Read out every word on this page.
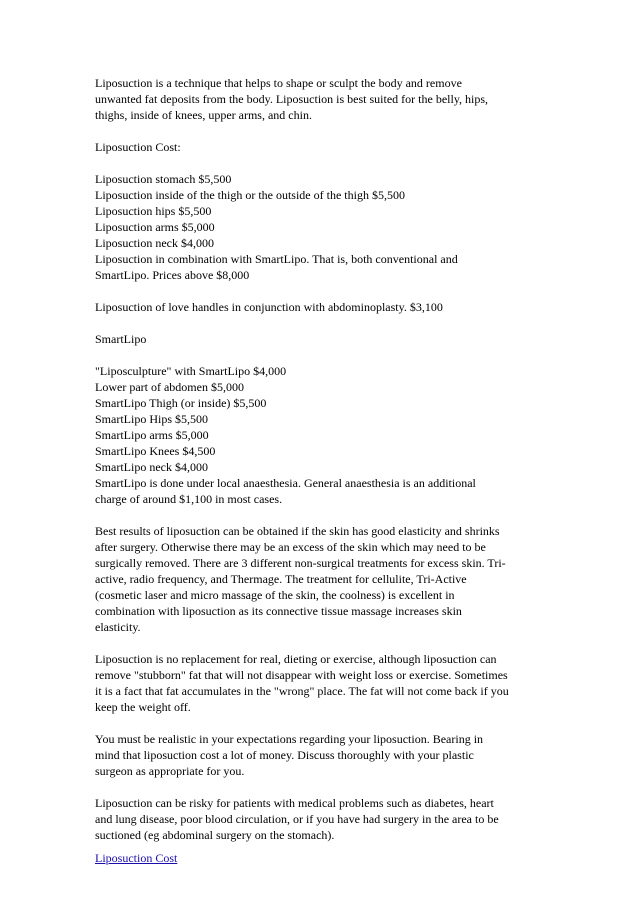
Liposuction is a technique that helps to shape or sculpt the body and remove
unwanted fat deposits from the body. Liposuction is best suited for the belly, hips,
thighs, inside of knees, upper arms, and chin.

Liposuction Cost:

Liposuction stomach $5,500
Liposuction inside of the thigh or the outside of the thigh $5,500
Liposuction hips $5,500
Liposuction arms $5,000
Liposuction neck $4,000
Liposuction in combination with SmartLipo. That is, both conventional and
SmartLipo. Prices above $8,000

Liposuction of love handles in conjunction with abdominoplasty. $3,100

SmartLipo

"Liposculpture" with SmartLipo $4,000
Lower part of abdomen $5,000
SmartLipo Thigh (or inside) $5,500
SmartLipo Hips $5,500
SmartLipo arms $5,000
SmartLipo Knees $4,500
SmartLipo neck $4,000
SmartLipo is done under local anaesthesia. General anaesthesia is an additional
charge of around $1,100 in most cases.

Best results of liposuction can be obtained if the skin has good elasticity and shrinks
after surgery. Otherwise there may be an excess of the skin which may need to be
surgically removed. There are 3 different non-surgical treatments for excess skin. Tri-
active, radio frequency, and Thermage. The treatment for cellulite, Tri-Active
(cosmetic laser and micro massage of the skin, the coolness) is excellent in
combination with liposuction as its connective tissue massage increases skin
elasticity.

Liposuction is no replacement for real, dieting or exercise, although liposuction can
remove "stubborn" fat that will not disappear with weight loss or exercise. Sometimes
it is a fact that fat accumulates in the "wrong" place. The fat will not come back if you
keep the weight off.

You must be realistic in your expectations regarding your liposuction. Bearing in
mind that liposuction cost a lot of money. Discuss thoroughly with your plastic
surgeon as appropriate for you.

Liposuction can be risky for patients with medical problems such as diabetes, heart
and lung disease, poor blood circulation, or if you have had surgery in the area to be
suctioned (eg abdominal surgery on the stomach).

Liposuction Cost
